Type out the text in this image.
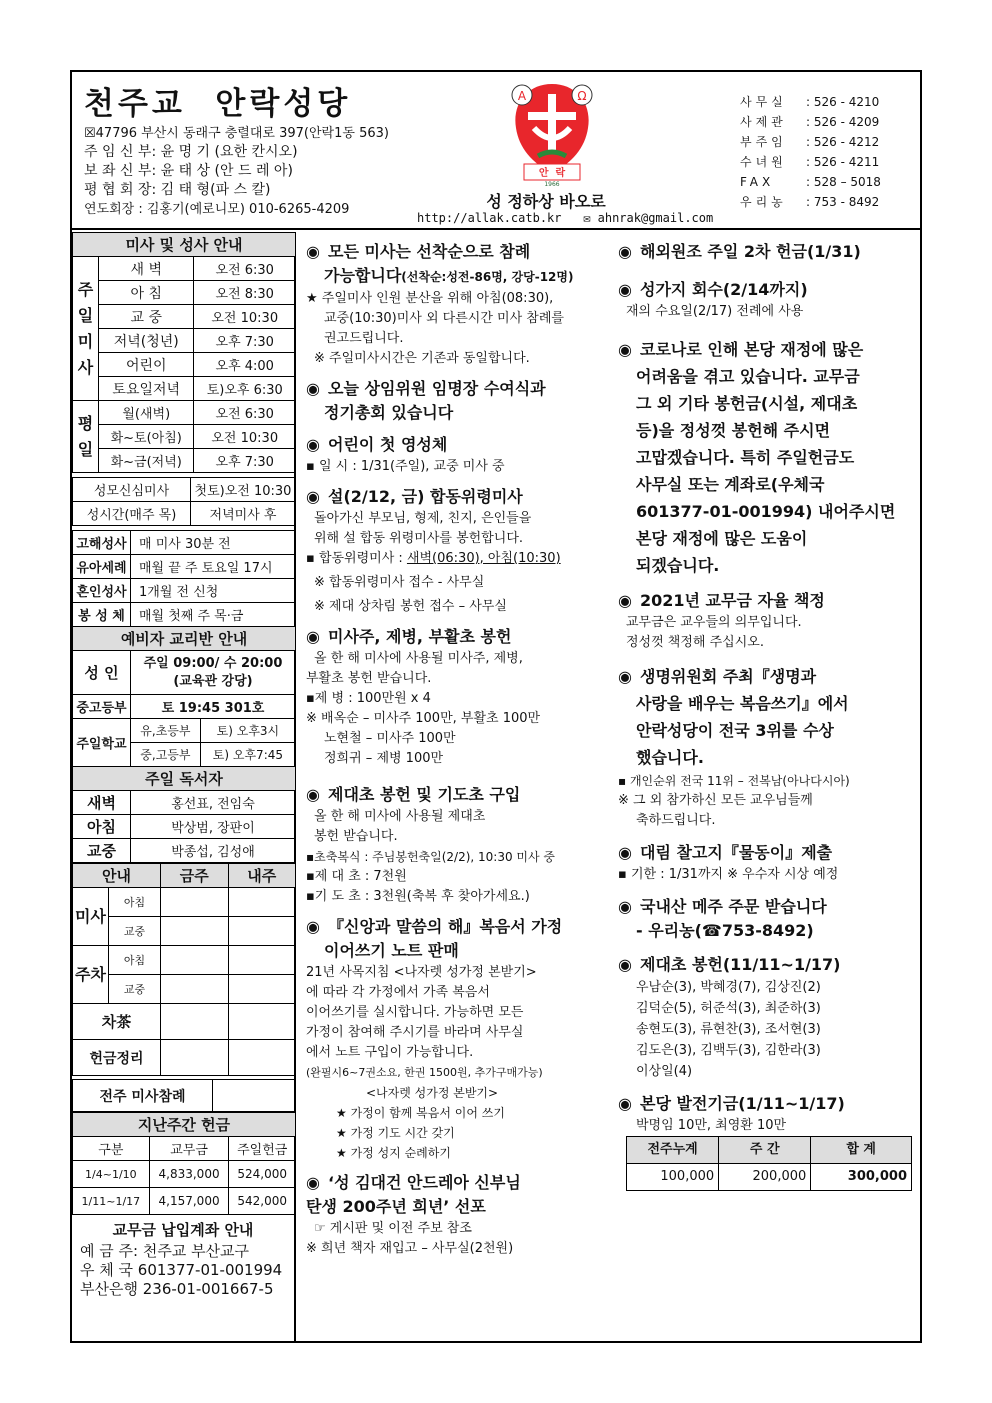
천주교  안락성당
☒47796 부산시 동래구 충렬대로 397(안락1동 563)
주 임 신 부: 윤 명 기 (요한 칸시오)
보 좌 신 부: 윤 태 상 (안 드 레 아)
평 협 회 장: 김 태 형(파 스 칼)
연도회장 : 김홍기(예로니모) 010-6265-4209
A	Ω
안  락
1966
성 정하상 바오로
http://allak.catb.kr ✉ ahnrak@gmail.com
사무실	: 526 - 4210
사제관	: 526 - 4209
부주임	: 526 - 4212
수녀원	: 526 - 4211
FAX	: 528 – 5018
우리농	: 753 - 8492
미사 및 성사 안내		

주
일
미
사	새 벽	오전 6:30
	아 침	오전 8:30
	교 중	오전 10:30
	저녁(청년)	오후 7:30
	어린이	오후 4:00
	토요일저녁	토)오후 6:30

평
일	월(새벽)	오전 6:30
	화~토(아침)	오전 10:30
	화~금(저녁)	오후 7:30
성모신심미사	첫토)오전 10:30
성시간(매주 목)	저녁미사 후
고해성사	매 미사 30분 전	
유아세례	매월 끝 주 토요일 17시	
혼인성사	1개월 전 신청	
봉 성 체	매월 첫째 주 목·금	
예비자 교리반 안내		
성 인	주일 09:00/ 수 20:00
(교육관 강당)	

중고등부	토 19:45 301호	
주일학교	유,초등부	토) 오후3시
	중,고등부	토) 오후7:45
주일 독서자		
새벽	홍선표, 전임숙	
아침	박상범, 장판이	
교중	박종섭, 김성애	
안내		금주	내주
미사	아침		
	교중		
주차	아침		
	교중		
차茶			
헌금정리			
전주 미사참례	
지난주간 헌금		
구분	교무금	주일헌금
1/4~1/10	4,833,000	524,000
1/11~1/17	4,157,000	542,000
교무금 납입계좌 안내
예 금 주: 천주교 부산교구
우 체 국 601377-01-001994
부산은행 236-01-001667-5
◉ 모든 미사는 선착순으로 참례
가능합니다(선착순:성전-86명, 강당-12명)
★ 주일미사 인원 분산을 위해 아침(08:30),
교중(10:30)미사 외 다른시간 미사 참례를
권고드립니다.
※ 주일미사시간은 기존과 동일합니다.
◉ 오늘 상임위원 임명장 수여식과
정기총회 있습니다
◉ 어린이 첫 영성체
▪ 일 시 : 1/31(주일), 교중 미사 중
◉ 설(2/12, 금) 합동위령미사
돌아가신 부모님, 형제, 친지, 은인들을
위해 설 합동 위령미사를 봉헌합니다.
▪ 합동위령미사 : 새벽(06:30), 아침(10:30)
※ 합동위령미사 접수 - 사무실
※ 제대 상차림 봉헌 접수 – 사무실
◉ 미사주, 제병, 부활초 봉헌
올 한 해 미사에 사용될 미사주, 제병,
부활초 봉헌 받습니다.
▪제 병 : 100만원 x 4
※ 배옥순 – 미사주 100만, 부활초 100만
노현철 – 미사주 100만
정희귀 – 제병 100만
◉ 제대초 봉헌 및 기도초 구입
올 한 해 미사에 사용될 제대초
봉헌 받습니다.
▪초축복식 : 주님봉헌축일(2/2), 10:30 미사 중
▪제 대 초 : 7천원
▪기 도 초 : 3천원(축복 후 찾아가세요.)
◉ 『신앙과 말씀의 해』복음서 가정
이어쓰기 노트 판매
21년 사목지침 <나자렛 성가정 본받기>
에 따라 각 가정에서 가족 복음서
이어쓰기를 실시합니다. 가능하면 모든
가정이 참여해 주시기를 바라며 사무실
에서 노트 구입이 가능합니다.
(완필시6~7권소요, 한권 1500원, 추가구매가능)
<나자렛 성가정 본받기>
★ 가정이 함께 복음서 이어 쓰기
★ 가정 기도 시간 갖기
★ 가정 성지 순례하기
◉ ‘성 김대건 안드레아 신부님
탄생 200주년 희년’ 선포
☞ 게시판 및 이전 주보 참조
※ 희년 책자 재입고 – 사무실(2천원)
◉ 해외원조 주일 2차 헌금(1/31)
◉ 성가지 회수(2/14까지)
재의 수요일(2/17) 전례에 사용
◉ 코로나로 인해 본당 재정에 많은
어려움을 겪고 있습니다. 교무금
그 외 기타 봉헌금(시설, 제대초
등)을 정성껏 봉헌해 주시면
고맙겠습니다. 특히 주일헌금도
사무실 또는 계좌로(우체국
601377-01-001994) 내어주시면
본당 재정에 많은 도움이
되겠습니다.
◉ 2021년 교무금 자율 책정
교무금은 교우들의 의무입니다.
정성껏 책정해 주십시오.
◉ 생명위원회 주최『생명과
사랑을 배우는 복음쓰기』에서
안락성당이 전국 3위를 수상
했습니다.
▪ 개인순위 전국 11위 – 전복남(아나다시아)
※ 그 외 참가하신 모든 교우님들께
축하드립니다.
◉ 대림 찰고지『물동이』제출
▪ 기한 : 1/31까지 ※ 우수자 시상 예정
◉ 국내산 메주 주문 받습니다
- 우리농(☎753-8492)
◉ 제대초 봉헌(11/11~1/17)
우남순(3), 박혜경(7), 김상진(2)
김덕순(5), 허준석(3), 최준하(3)
송현도(3), 류현찬(3), 조서현(3)
김도은(3), 김백두(3), 김한라(3)
이상일(4)
◉ 본당 발전기금(1/11~1/17)
박명임 10만, 최영환 10만
전주누계	주 간	합 계
100,000	200,000	300,000
